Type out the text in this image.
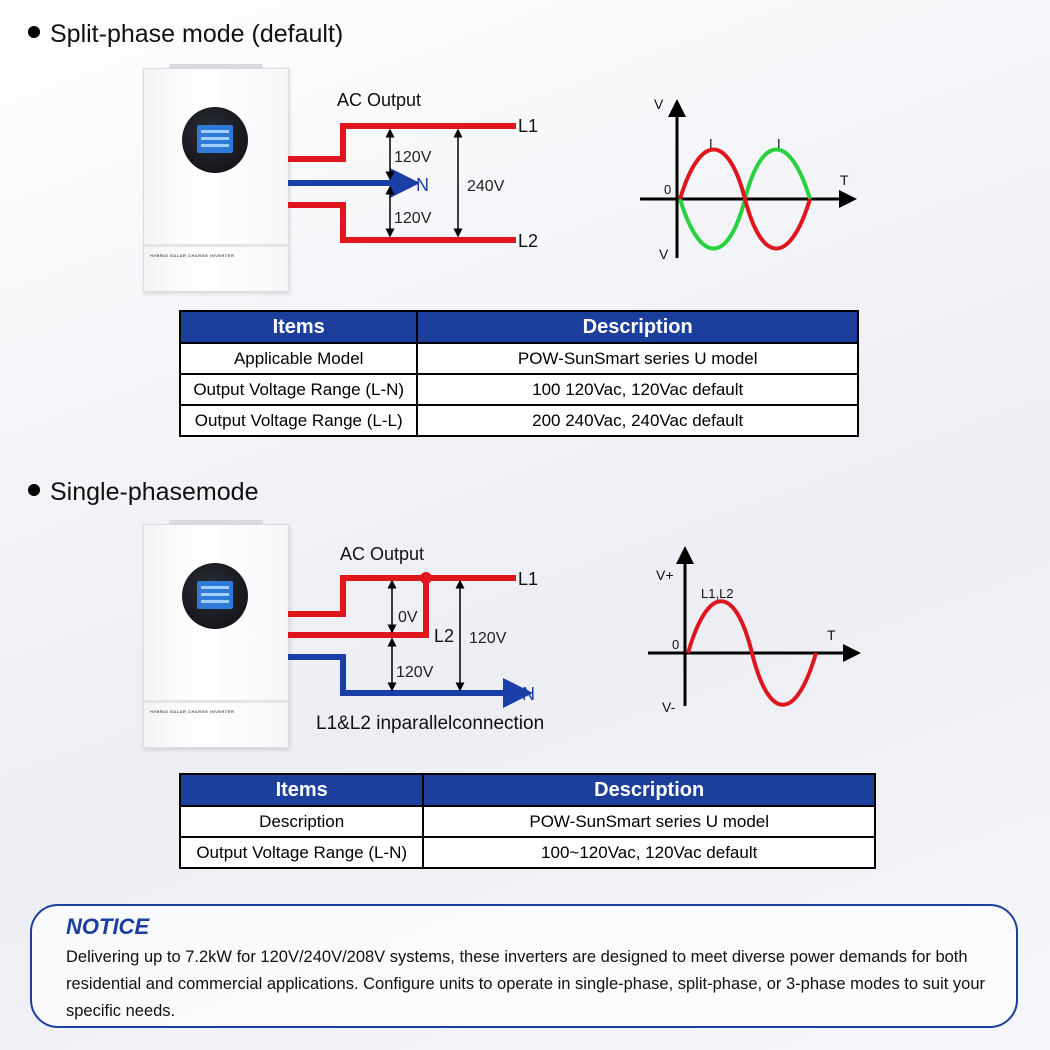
Split-phase mode (default)
HYBRID SOLAR CHARGE INVERTER
AC Output
L1
L2
N
120V
120V
240V
V
V
T
0
I	I
Items	Description
Applicable Model	POW-SunSmart series U model
Output Voltage Range (L-N)	100 120Vac, 120Vac default
Output Voltage Range (L-L)	200 240Vac, 240Vac default
Single-phasemode
HYBRID SOLAR CHARGE INVERTER
AC Output
L1
L2
N
0V
120V
120V
L1&L2 inparallelconnection
V+
V-
T
0
L1,L2
Items	Description
Description	POW-SunSmart series U model
Output Voltage Range (L-N)	100~120Vac, 120Vac default
NOTICE
Delivering up to 7.2kW for 120V/240V/208V systems, these inverters are designed to meet diverse power demands for both residential and commercial applications. Configure units to operate in single-phase, split-phase, or 3-phase modes to suit your specific needs.
